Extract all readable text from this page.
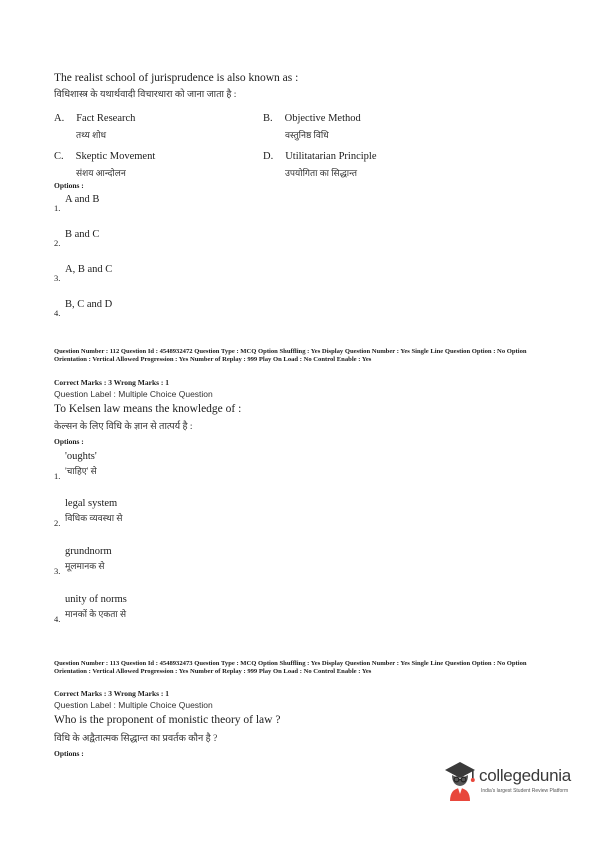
The realist school of jurisprudence is also known as :
विधिशास्त्र के यथार्थवादी विचारधारा को जाना जाता है :
A. Fact Research
तथ्य शोध
B. Objective Method
वस्तुनिष्ठ विधि
C. Skeptic Movement
संशय आन्दोलन
D. Utilitatarian Principle
उपयोगिता का सिद्धान्त
Options :
1.
A and B
2.
B and C
3.
A, B and C
4.
B, C and D
Question Number : 112 Question Id : 4548932472 Question Type : MCQ Option Shuffling : Yes Display Question Number : Yes Single Line Question Option : No Option Orientation : Vertical Allowed Progression : Yes Number of Replay : 999 Play On Load : No Control Enable : Yes
Correct Marks : 3 Wrong Marks : 1
Question Label : Multiple Choice Question
To Kelsen law means the knowledge of :
केल्सन के लिए विधि के ज्ञान से तात्पर्य है :
Options :
'oughts'
'चाहिए' से
1.
legal system
विधिक व्यवस्था से
2.
grundnorm
मूलमानक से
3.
unity of norms
मानकों के एकता से
4.
Question Number : 113 Question Id : 4548932473 Question Type : MCQ Option Shuffling : Yes Display Question Number : Yes Single Line Question Option : No Option Orientation : Vertical Allowed Progression : Yes Number of Replay : 999 Play On Load : No Control Enable : Yes
Correct Marks : 3 Wrong Marks : 1
Question Label : Multiple Choice Question
Who is the proponent of monistic theory of law ?
विधि के अद्वैतात्मक सिद्धान्त का प्रवर्तक कौन है ?
Options :
collegedunia
India's largest Student Review Platform
